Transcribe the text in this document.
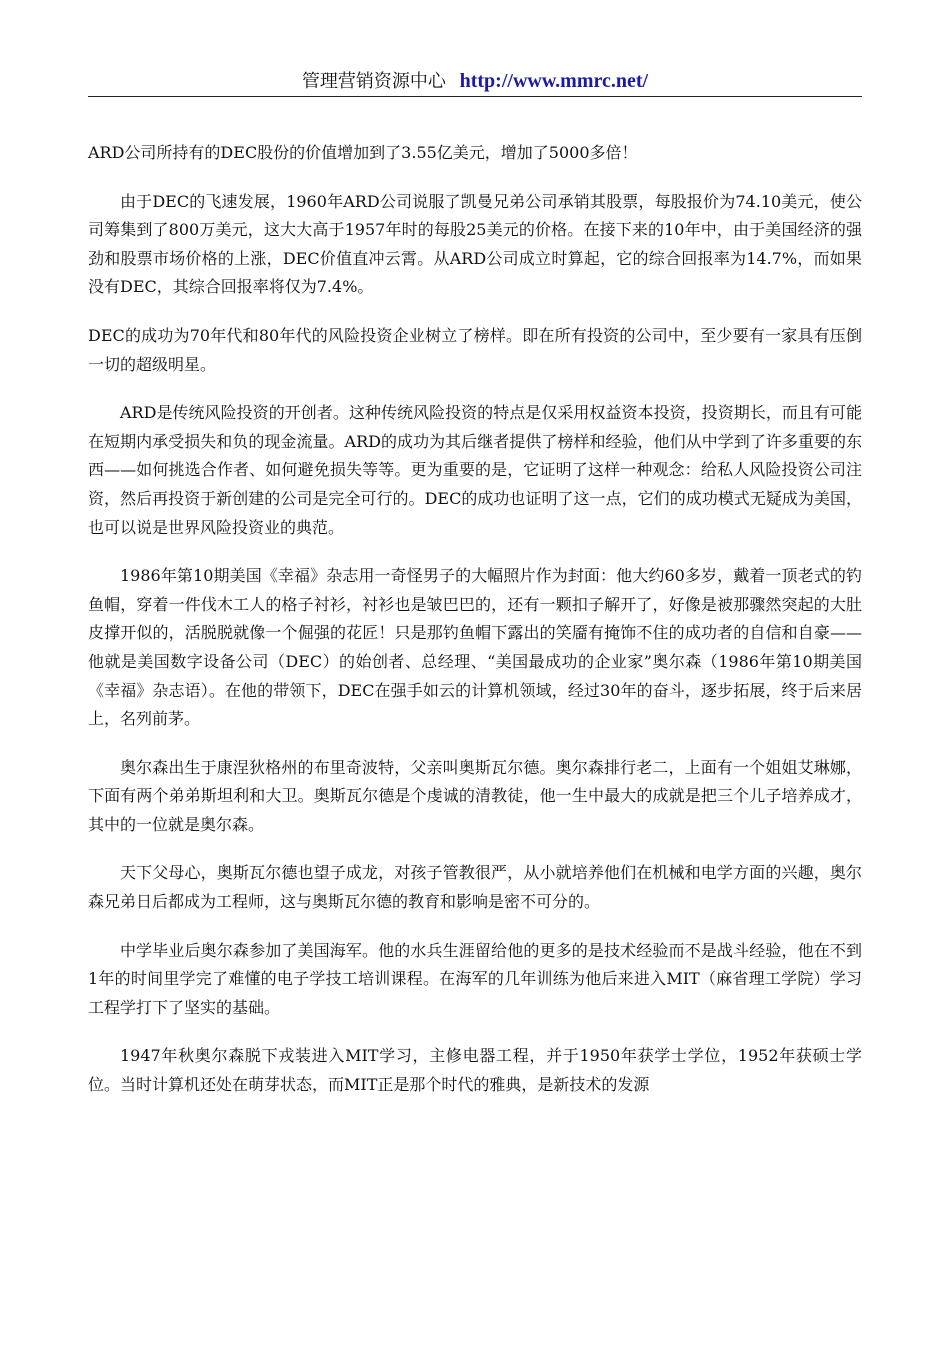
管理营销资源中心 http://www.mmrc.net/

ARD公司所持有的DEC股份的价值增加到了3.55亿美元，增加了5000多倍！

由于DEC的飞速发展，1960年ARD公司说服了凯曼兄弟公司承销其股票，每股报价为74.10美元，使公司筹集到了800万美元，这大大高于1957年时的每股25美元的价格。在接下来的10年中，由于美国经济的强劲和股票市场价格的上涨，DEC价值直冲云霄。从ARD公司成立时算起，它的综合回报率为14.7%，而如果没有DEC，其综合回报率将仅为7.4%。

DEC的成功为70年代和80年代的风险投资企业树立了榜样。即在所有投资的公司中，至少要有一家具有压倒一切的超级明星。

ARD是传统风险投资的开创者。这种传统风险投资的特点是仅采用权益资本投资，投资期长，而且有可能在短期内承受损失和负的现金流量。ARD的成功为其后继者提供了榜样和经验，他们从中学到了许多重要的东西——如何挑选合作者、如何避免损失等等。更为重要的是，它证明了这样一种观念：给私人风险投资公司注资，然后再投资于新创建的公司是完全可行的。DEC的成功也证明了这一点，它们的成功模式无疑成为美国，也可以说是世界风险投资业的典范。

1986年第10期美国《幸福》杂志用一奇怪男子的大幅照片作为封面：他大约60多岁，戴着一顶老式的钓鱼帽，穿着一件伐木工人的格子衬衫，衬衫也是皱巴巴的，还有一颗扣子解开了，好像是被那骤然突起的大肚皮撑开似的，活脱脱就像一个倔强的花匠！只是那钓鱼帽下露出的笑靥有掩饰不住的成功者的自信和自豪——他就是美国数字设备公司（DEC）的始创者、总经理、“美国最成功的企业家”奥尔森（1986年第10期美国《幸福》杂志语）。在他的带领下，DEC在强手如云的计算机领域，经过30年的奋斗，逐步拓展，终于后来居上，名列前茅。

奥尔森出生于康涅狄格州的布里奇波特，父亲叫奥斯瓦尔德。奥尔森排行老二，上面有一个姐姐艾琳娜，下面有两个弟弟斯坦利和大卫。奥斯瓦尔德是个虔诚的清教徒，他一生中最大的成就是把三个儿子培养成才，其中的一位就是奥尔森。

天下父母心，奥斯瓦尔德也望子成龙，对孩子管教很严，从小就培养他们在机械和电学方面的兴趣，奥尔森兄弟日后都成为工程师，这与奥斯瓦尔德的教育和影响是密不可分的。

中学毕业后奥尔森参加了美国海军。他的水兵生涯留给他的更多的是技术经验而不是战斗经验，他在不到1年的时间里学完了难懂的电子学技工培训课程。在海军的几年训练为他后来进入MIT（麻省理工学院）学习工程学打下了坚实的基础。

1947年秋奥尔森脱下戎装进入MIT学习，主修电器工程，并于1950年获学士学位，1952年获硕士学位。当时计算机还处在萌芽状态，而MIT正是那个时代的雅典，是新技术的发源
